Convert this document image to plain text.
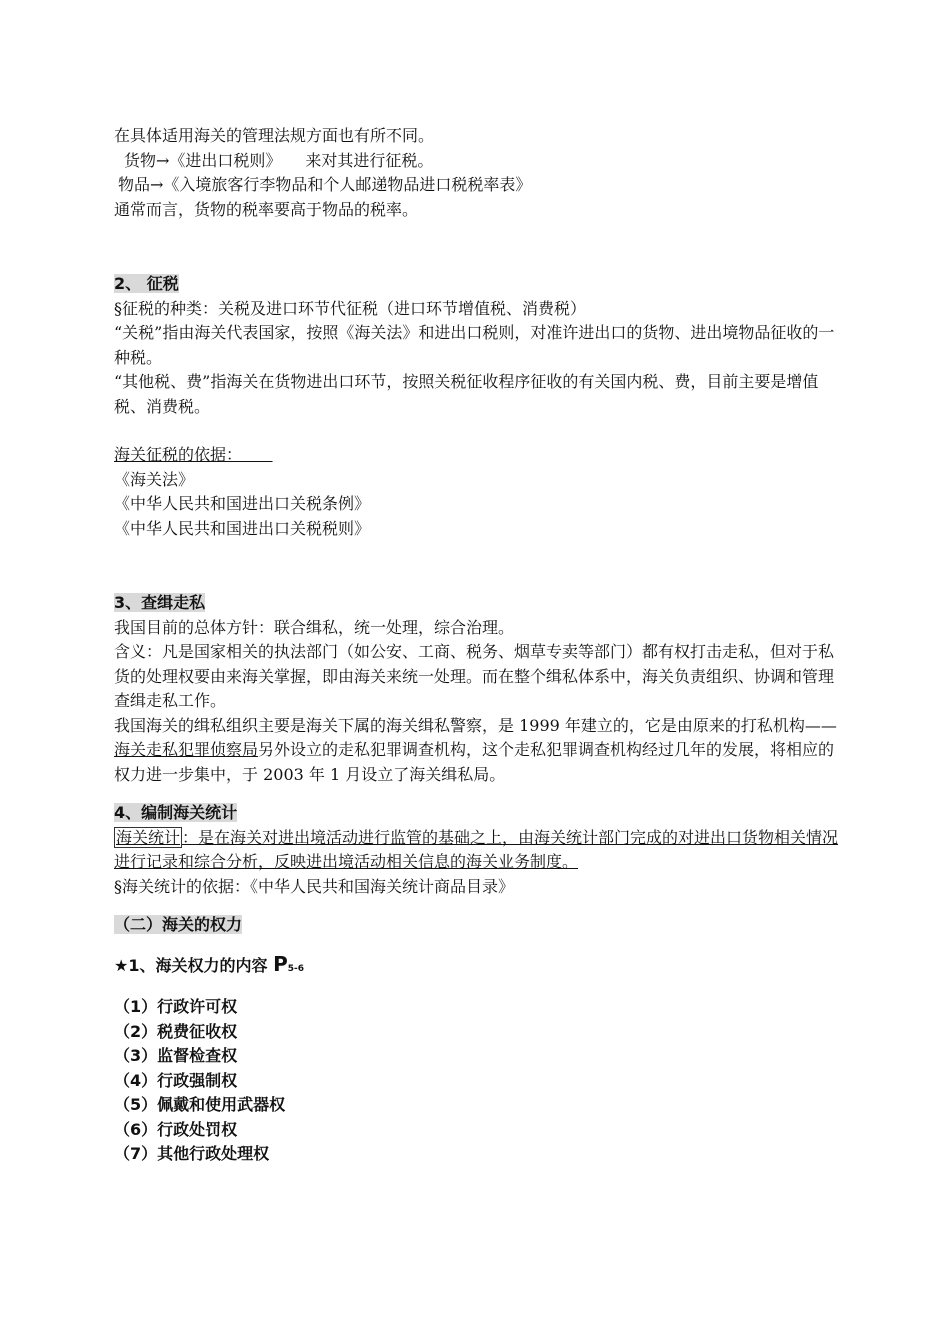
在具体适用海关的管理法规方面也有所不同。
货物→《进出口税则》　　来对其进行征税。
物品→《入境旅客行李物品和个人邮递物品进口税税率表》
通常而言，货物的税率要高于物品的税率。
2、 征税
§征税的种类：关税及进口环节代征税（进口环节增值税、消费税）
“关税”指由海关代表国家，按照《海关法》和进出口税则，对准许进出口的货物、进出境物品征收的一种税。
“其他税、费”指海关在货物进出口环节，按照关税征收程序征收的有关国内税、费，目前主要是增值税、消费税。
海关征税的依据：
《海关法》
《中华人民共和国进出口关税条例》
《中华人民共和国进出口关税税则》
3、查缉走私
我国目前的总体方针：联合缉私，统一处理，综合治理。
含义：凡是国家相关的执法部门（如公安、工商、税务、烟草专卖等部门）都有权打击走私，但对于私货的处理权要由来海关掌握，即由海关来统一处理。而在整个缉私体系中，海关负责组织、协调和管理查缉走私工作。
我国海关的缉私组织主要是海关下属的海关缉私警察，是 1999 年建立的，它是由原来的打私机构——海关走私犯罪侦察局另外设立的走私犯罪调查机构，这个走私犯罪调查机构经过几年的发展，将相应的权力进一步集中，于 2003 年 1 月设立了海关缉私局。
4、编制海关统计
海关统计 ：是在海关对进出境活动进行监管的基础之上，由海关统计部门完成的对进出口货物相关情况进行记录和综合分析，反映进出境活动相关信息的海关业务制度。
§海关统计的依据：《中华人民共和国海关统计商品目录》
（二）海关的权力
★1、海关权力的内容 P5-6
（1）行政许可权
（2）税费征收权
（3）监督检查权
（4）行政强制权
（5）佩戴和使用武器权
（6）行政处罚权
（7）其他行政处理权
